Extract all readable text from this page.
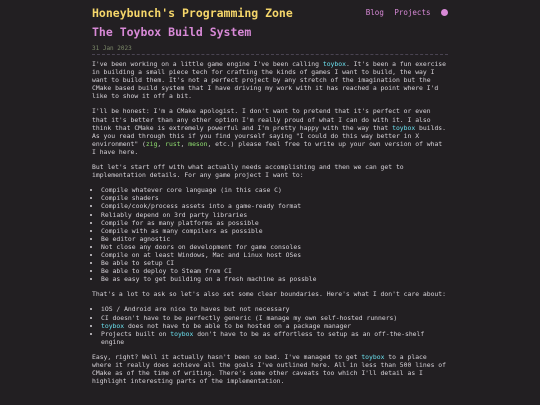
Honeybunch's Programming Zone	Blog Projects
The Toybox Build System
31 Jan 2023

I've been working on a little game engine I've been calling toybox. It's been a fun exercise in building a small piece tech for crafting the kinds of games I want to build, the way I want to build them. It's not a perfect project by any stretch of the imagination but the CMake based build system that I have driving my work with it has reached a point where I'd like to show it off a bit.

I'll be honest: I'm a CMake apologist. I don't want to pretend that it's perfect or even that it's better than any other option I'm really proud of what I can do with it. I also think that CMake is extremely powerful and I'm pretty happy with the way that toybox builds. As you read through this if you find yourself saying "I could do this way better in X environment" (zig, rust, meson, etc.) please feel free to write up your own version of what I have here.

But let's start off with what actually needs accomplishing and then we can get to implementation details. For any game project I want to:

• Compile whatever core language (in this case C)
• Compile shaders
• Compile/cook/process assets into a game-ready format
• Reliably depend on 3rd party libraries
• Compile for as many platforms as possible
• Compile with as many compilers as possible
• Be editor agnostic
• Not close any doors on development for game consoles
• Compile on at least Windows, Mac and Linux host OSes
• Be able to setup CI
• Be able to deploy to Steam from CI
• Be as easy to get building on a fresh machine as possble

That's a lot to ask so let's also set some clear boundaries. Here's what I don't care about:

• iOS / Android are nice to haves but not necessary
• CI doesn't have to be perfectly generic (I manage my own self-hosted runners)
• toybox does not have to be able to be hosted on a package manager
• Projects built on toybox don't have to be as effortless to setup as an off-the-shelf engine

Easy, right? Well it actually hasn't been so bad. I've managed to get toybox to a place where it really does achieve all the goals I've outlined here. All in less than 500 lines of CMake as of the time of writing. There's some other caveats too which I'll detail as I highlight interesting parts of the implementation.
